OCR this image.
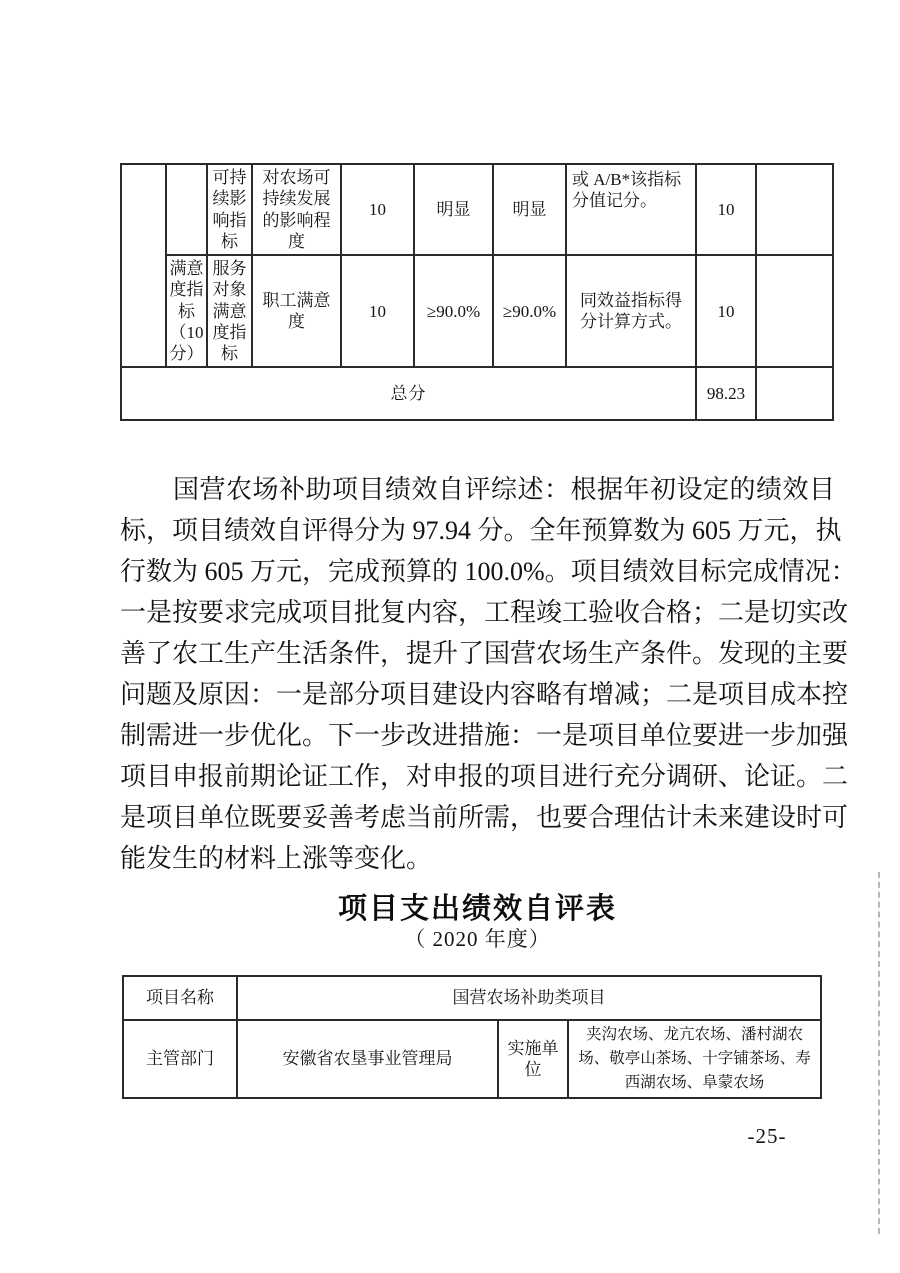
		可持续影响指标	对农场可持续发展的影响程度	10	明显	明显	或 A/B*该指标分值记分。	10	
	满意度指标（10分）	服务对象满意度指标	职工满意度	10	≥90.0%	≥90.0%	同效益指标得分计算方式。	10	
总分								98.23	
国营农场补助项目绩效自评综述：根据年初设定的绩效目
标，项目绩效自评得分为 97.94 分。全年预算数为 605 万元，执
行数为 605 万元，完成预算的 100.0%。项目绩效目标完成情况：
一是按要求完成项目批复内容，工程竣工验收合格；二是切实改
善了农工生产生活条件，提升了国营农场生产条件。发现的主要
问题及原因：一是部分项目建设内容略有增减；二是项目成本控
制需进一步优化。下一步改进措施：一是项目单位要进一步加强
项目申报前期论证工作，对申报的项目进行充分调研、论证。二
是项目单位既要妥善考虑当前所需，也要合理估计未来建设时可
能发生的材料上涨等变化。
项目支出绩效自评表
（ 2020 年度）
项目名称	国营农场补助类项目		
主管部门	安徽省农垦事业管理局	实施单位	夹沟农场、龙亢农场、潘村湖农场、敬亭山茶场、十字铺茶场、寿西湖农场、阜蒙农场
-25-
